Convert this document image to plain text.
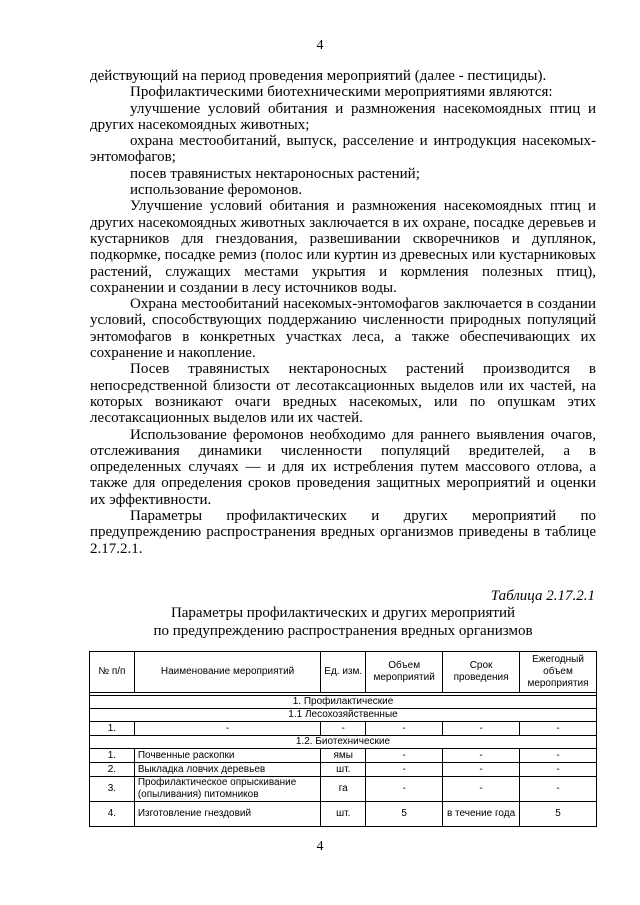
4

действующий на период проведения мероприятий (далее - пестициды).

Профилактическими биотехническими мероприятиями являются:

улучшение условий обитания и размножения насекомоядных птиц и других насекомоядных животных;

охрана местообитаний, выпуск, расселение и интродукция насекомых-энтомофагов;

посев травянистых нектароносных растений;

использование феромонов.

Улучшение условий обитания и размножения насекомоядных птиц и других насекомоядных животных заключается в их охране, посадке деревьев и кустарников для гнездования, развешивании скворечников и дуплянок, подкормке, посадке ремиз (полос или куртин из древесных или кустарниковых растений, служащих местами укрытия и кормления полезных птиц), сохранении и создании в лесу источников воды.

Охрана местообитаний насекомых-энтомофагов заключается в создании условий, способствующих поддержанию численности природных популяций энтомофагов в конкретных участках леса, а также обеспечивающих их сохранение и накопление.

Посев травянистых нектароносных растений производится в непосредственной близости от лесотаксационных выделов или их частей, на которых возникают очаги вредных насекомых, или по опушкам этих лесотаксационных выделов или их частей.

Использование феромонов необходимо для раннего выявления очагов, отслеживания динамики численности популяций вредителей, а в определенных случаях — и для их истребления путем массового отлова, а также для определения сроков проведения защитных мероприятий и оценки их эффективности.

Параметры профилактических и других мероприятий по предупреждению распространения вредных организмов приведены в таблице 2.17.2.1.

Таблица 2.17.2.1
Параметры профилактических и других мероприятий
по предупреждению распространения вредных организмов
№ п/п	Наименование мероприятий	Ед. изм.	Объем мероприятий	Срок проведения	Ежегодный объем мероприятия

1. Профилактические					
1.1 Лесохозяйственные					
1.	-	-	-	-	-
1.2. Биотехнические					
1.	Почвенные раскопки	ямы	-	-	-
2.	Выкладка ловчих деревьев	шт.	-	-	-
3.	Профилактическое опрыскивание (опыливания) питомников	га	-	-	-
4.	Изготовление гнездовий	шт.	5	в течение года	5
4
